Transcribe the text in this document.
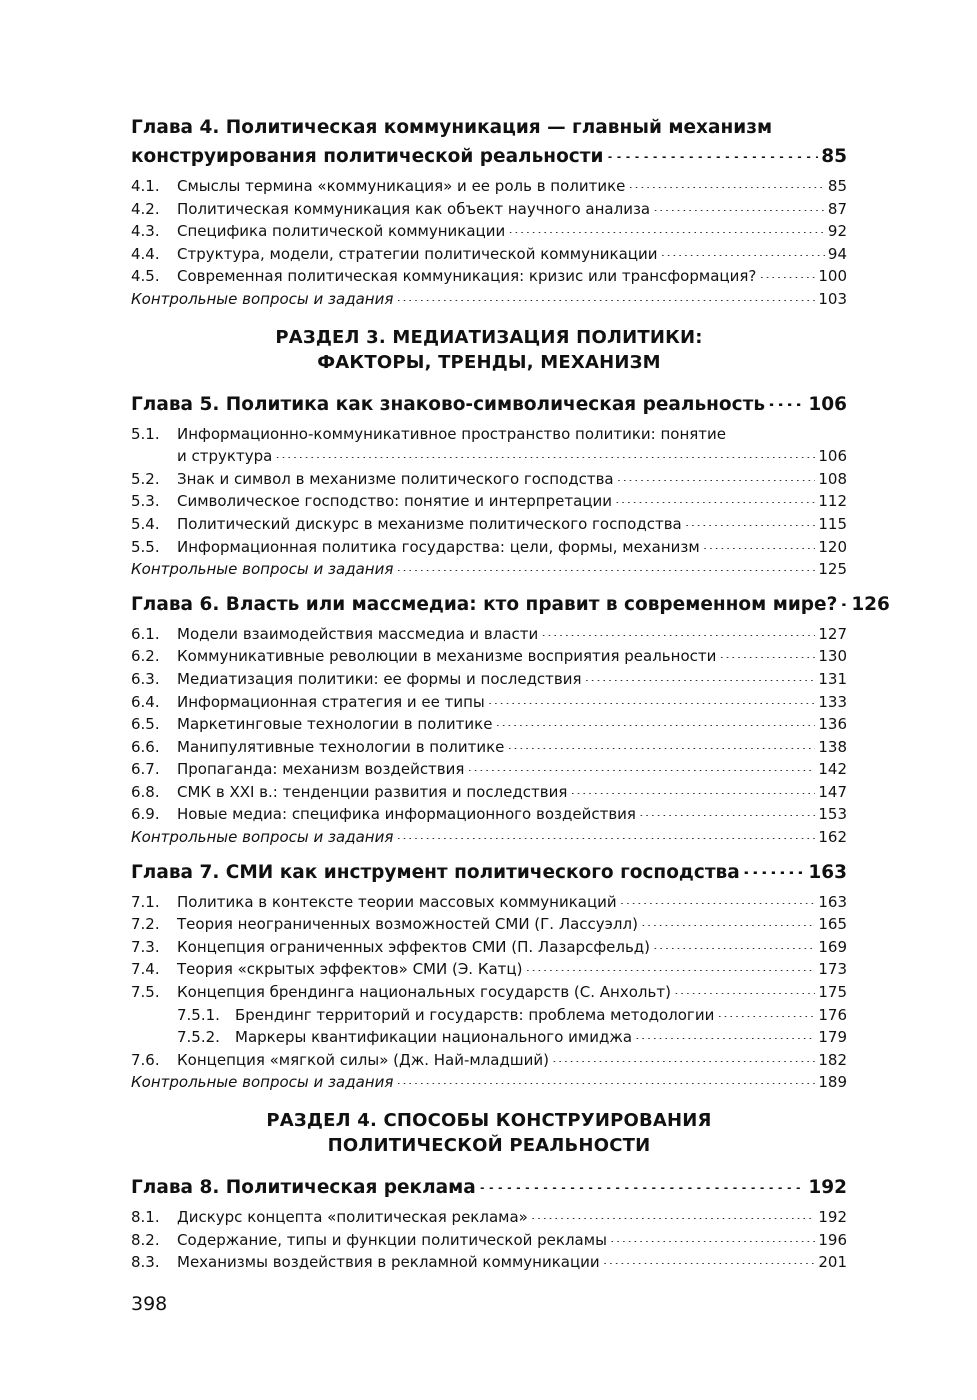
Глава 4. Политическая коммуникация — главный механизм
конструирования политической реальности .....	85
4.1.	Смыслы термина «коммуникация» и ее роль в политике .....	85
4.2.	Политическая коммуникация как объект научного анализа .....	87
4.3.	Специфика политической коммуникации .....	92
4.4.	Структура, модели, стратегии политической коммуникации .....	94
4.5.	Современная политическая коммуникация: кризис или трансформация? .....	100
Контрольные вопросы и задания .....	103
РАЗДЕЛ 3. МЕДИАТИЗАЦИЯ ПОЛИТИКИ:
ФАКТОРЫ, ТРЕНДЫ, МЕХАНИЗМ
Глава 5. Политика как знаково-символическая реальность ..... 106
5.1.	Информационно-коммуникативное пространство политики: понятие
и структура .....	106
5.2.	Знак и символ в механизме политического господства .....	108
5.3.	Символическое господство: понятие и интерпретации .....	112
5.4.	Политический дискурс в механизме политического господства .....	115
5.5.	Информационная политика государства: цели, формы, механизм .....	120
Контрольные вопросы и задания .....	125
Глава 6. Власть или массмедиа: кто правит в современном мире? ..... 126
6.1.	Модели взаимодействия массмедиа и власти .....	127
6.2.	Коммуникативные революции в механизме восприятия реальности .....	130
6.3.	Медиатизация политики: ее формы и последствия .....	131
6.4.	Информационная стратегия и ее типы .....	133
6.5.	Маркетинговые технологии в политике .....	136
6.6.	Манипулятивные технологии в политике .....	138
6.7.	Пропаганда: механизм воздействия .....	142
6.8.	СМК в XXI в.: тенденции развития и последствия .....	147
6.9.	Новые медиа: специфика информационного воздействия .....	153
Контрольные вопросы и задания .....	162
Глава 7. СМИ как инструмент политического господства .....	163
7.1.	Политика в контексте теории массовых коммуникаций .....	163
7.2.	Теория неограниченных возможностей СМИ (Г. Лассуэлл) .....	165
7.3.	Концепция ограниченных эффектов СМИ (П. Лазарсфельд) .....	169
7.4.	Теория «скрытых эффектов» СМИ (Э. Катц) .....	173
7.5.	Концепция брендинга национальных государств (С. Анхольт) .....	175
7.5.1.	Брендинг территорий и государств: проблема методологии .....	176
7.5.2.	Маркеры квантификации национального имиджа .....	179
7.6.	Концепция «мягкой силы» (Дж. Най-младший) .....	182
Контрольные вопросы и задания .....	189
РАЗДЕЛ 4. СПОСОБЫ КОНСТРУИРОВАНИЯ
ПОЛИТИЧЕСКОЙ РЕАЛЬНОСТИ
Глава 8. Политическая реклама .....	192
8.1.	Дискурс концепта «политическая реклама» .....	192
8.2.	Содержание, типы и функции политической рекламы .....	196
8.3.	Механизмы воздействия в рекламной коммуникации .....	201
398
